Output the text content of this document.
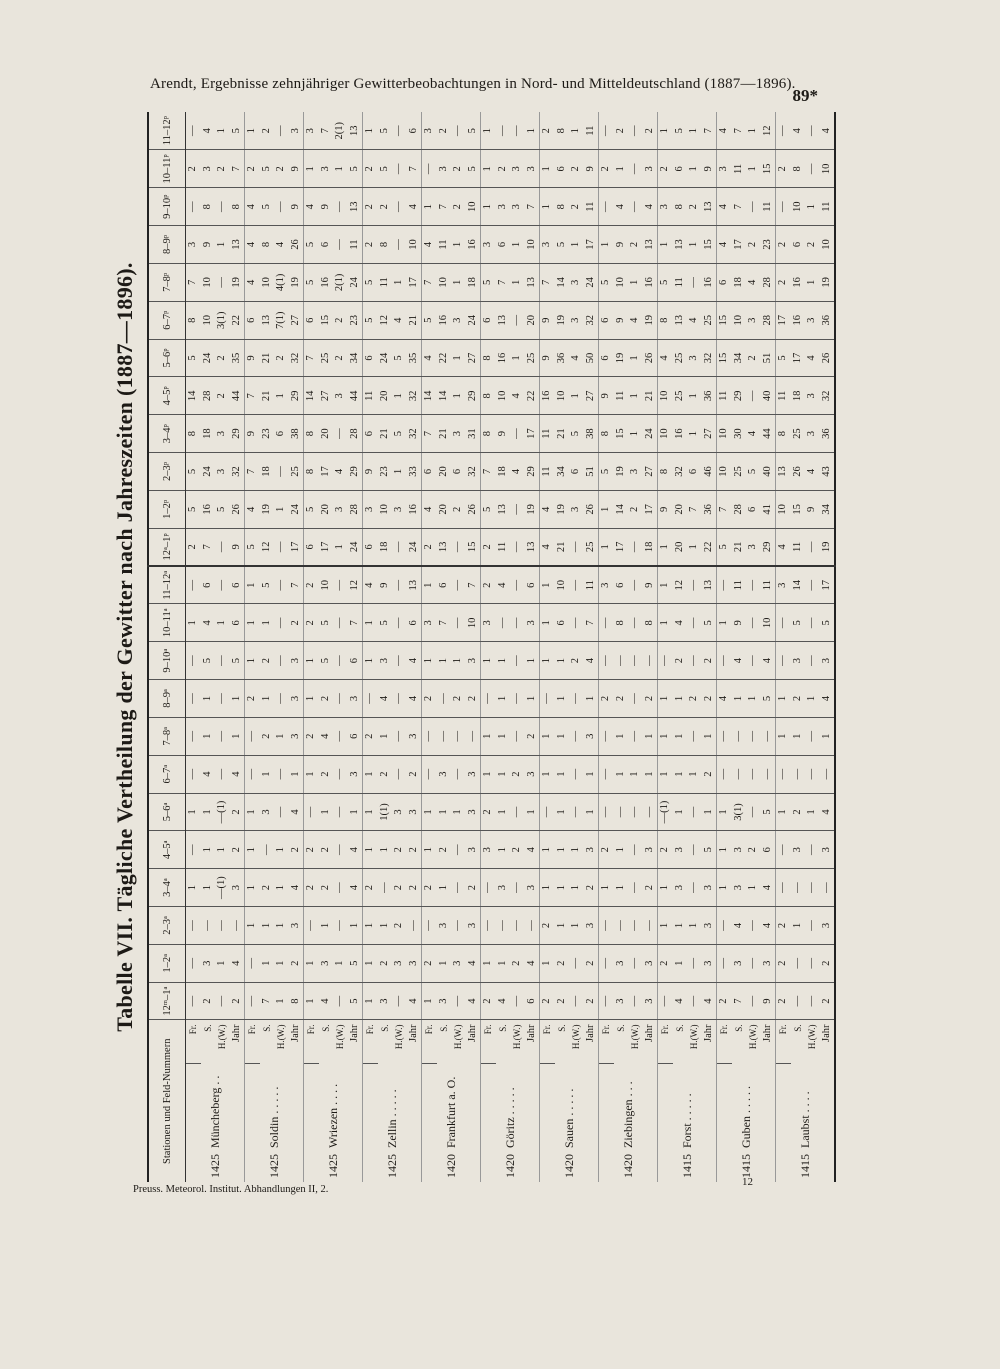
Arendt, Ergebnisse zehnjähriger Gewitterbeobachtungen in Nord- und Mitteldeutschland (1887—1896).
89*
Tabelle VII. Tägliche Vertheilung der Gewitter nach Jahreszeiten (1887—1896).
Stationen und Feld-Nummern		12ᵐ–1ᵃ	1–2ᵃ	2–3ᵃ	3–4ᵃ	4–5ᵃ	5–6ᵃ	6–7ᵃ	7–8ᵃ	8–9ᵃ	9–10ᵃ	10–11ᵃ	11–12ᵃ	12ᵃ–1ᵖ	1–2ᵖ	2–3ᵖ	3–4ᵖ	4–5ᵖ	5–6ᵖ	6–7ᵖ	7–8ᵖ	8–9ᵖ	9–10ᵖ	10–11ᵖ	11–12ᵖ
1425Müncheberg . .	Fr.	—	—	—	1	—	1	—	—	—	—	1	—	2	5	5	8	14	5	8	7	3	—	2	—
	S.	2	3	—	1	1	1	4	1	1	5	4	6	7	16	24	18	28	24	10	10	9	8	3	4
	H.(W.)	—	1	—	—(1)	1	—(1)	—	—	—	—	1	—	—	5	3	3	2	2	3(1)	—	1	—	2	1
	Jahr	2	4	—	3	2	2	4	1	1	5	6	6	9	26	32	29	44	35	22	19	13	8	7	5
1425Soldin . . . . .	Fr.	—	—	1	1	1	1	—	—	2	1	1	1	5	4	7	9	7	9	6	4	4	4	2	1
	S.	7	1	1	2	—	3	1	2	1	2	1	5	12	19	18	23	21	21	13	10	8	5	5	2
	H.(W.)	1	1	1	1	1	—	—	1	—	—	—	—	—	1	—	6	1	2	7(1)	4(1)	4	—	2	—
	Jahr	8	2	3	4	2	4	1	3	3	3	2	7	17	24	25	38	29	32	27	19	26	9	9	3
1425Wriezen . . . .	Fr.	1	1	—	2	2	—	1	2	1	1	2	2	6	5	8	8	14	7	6	5	5	4	1	3
	S.	4	3	1	2	2	1	2	4	2	5	5	10	17	20	17	20	27	25	15	16	6	9	3	7
	H.(W.)	—	1	—	—	—	—	—	—	—	—	—	—	1	3	4	—	3	2	2	2(1)	—	—	1	2(1)
	Jahr	5	5	1	4	4	1	3	6	3	6	7	12	24	28	29	28	44	34	23	24	11	13	5	13
1425Zellin . . . . .	Fr.	1	1	1	2	1	1	1	2	—	1	1	4	6	3	9	6	11	6	5	5	2	2	2	1
	S.	3	2	1	—	1	1(1)	2	1	4	3	5	9	18	10	23	21	20	24	12	11	8	2	5	5
	H.(W.)	—	3	2	2	2	3	—	—	—	—	—	—	—	3	1	5	1	5	4	1	—	—	—	—
	Jahr	4	3	—	2	2	3	2	3	4	4	6	13	24	16	33	32	32	35	21	17	10	4	7	6
1420Frankfurt a. O.	Fr.	1	2	—	2	1	1	—	—	2	1	3	1	2	4	6	7	14	4	5	7	4	1	—	3
	S.	3	1	3	1	2	1	3	—	—	1	7	6	13	20	20	21	14	22	16	10	11	7	3	2
	H.(W.)	—	3	—	—	—	1	—	—	2	1	—	—	—	2	6	3	1	1	3	1	1	2	2	—
	Jahr	4	4	3	2	3	3	3	—	2	3	10	7	15	26	32	31	29	27	24	18	16	10	5	5
1420Göritz . . . . .	Fr.	2	1	—	—	3	2	1	1	—	1	3	2	2	5	7	8	8	8	6	5	3	1	1	1
	S.	4	1	—	3	1	1	1	1	1	1	—	4	11	13	18	9	10	16	13	7	6	3	2	—
	H.(W.)	—	2	—	—	2	—	2	—	—	—	—	—	—	—	4	—	4	1	—	1	1	3	3	—
	Jahr	6	4	—	3	4	1	3	2	1	1	3	6	13	19	29	17	22	25	20	13	10	7	3	1
1420Sauen . . . . .	Fr.	2	1	2	1	1	—	1	1	—	1	1	1	4	4	11	11	16	9	9	7	3	1	1	2
	S.	2	2	1	1	1	1	1	1	1	1	6	10	21	19	34	21	10	36	19	14	5	8	6	8
	H.(W.)	—	—	1	1	1	—	—	—	—	2	—	—	—	3	6	5	1	4	3	3	1	2	2	1
	Jahr	2	2	3	2	3	1	1	3	1	4	7	11	25	26	51	38	27	50	32	24	17	11	9	11
1420Ziebingen . . .	Fr.	—	—	—	1	2	—	—	—	2	—	—	3	1	1	5	8	9	6	6	5	1	—	2	—
	S.	3	3	—	1	1	—	1	1	2	—	8	6	17	14	19	15	11	19	9	10	9	4	1	2
	H.(W.)	—	—	—	—	—	—	1	—	—	—	—	—	—	2	3	1	1	1	4	1	2	—	—	—
	Jahr	3	3	—	2	3	—	1	1	2	—	8	9	18	17	27	24	21	26	19	16	13	4	3	2
1415Forst . . . . .	Fr.	—	2	1	1	2	—(1)	1	1	1	—	1	1	1	9	8	10	10	4	8	5	1	3	2	1
	S.	4	1	1	3	3	1	1	1	1	2	4	12	20	20	32	16	25	25	13	11	13	8	6	5
	H.(W.)	—	—	1	—	—	—	1	—	2	—	—	—	1	7	6	1	1	3	4	—	1	2	1	1
	Jahr	4	3	3	3	5	1	2	1	2	2	5	13	22	36	46	27	36	32	25	16	15	13	9	7
1415Guben . . . . .	Fr.	2	—	—	1	1	1	—	—	4	—	1	—	5	7	10	10	11	15	15	6	4	4	3	4
	S.	7	3	4	3	3	3(1)	—	—	1	4	9	11	21	28	25	30	29	34	10	18	17	7	11	7
	H.(W.)	—	—	—	1	2	—	—	—	1	—	—	—	3	6	5	4	—	2	3	4	2	—	1	1
	Jahr	9	3	4	4	6	5	—	—	5	4	10	11	29	41	40	44	40	51	28	28	23	11	15	12
1415Laubst . . . .	Fr.	2	2	2	—	—	1	—	1	1	—	—	3	4	10	13	8	11	5	17	2	2	—	2	—
	S.	—	—	1	—	3	2	—	1	2	3	5	14	11	15	26	25	18	17	16	16	6	10	8	4
	H.(W.)	—	—	—	—	—	1	—	—	1	—	—	—	—	9	4	3	3	4	3	1	2	1	—	—
	Jahr	2	2	3	—	3	4	—	1	4	3	5	17	19	34	43	36	32	26	36	19	10	11	10	4
Preuss. Meteorol. Institut. Abhandlungen II, 2.
12
